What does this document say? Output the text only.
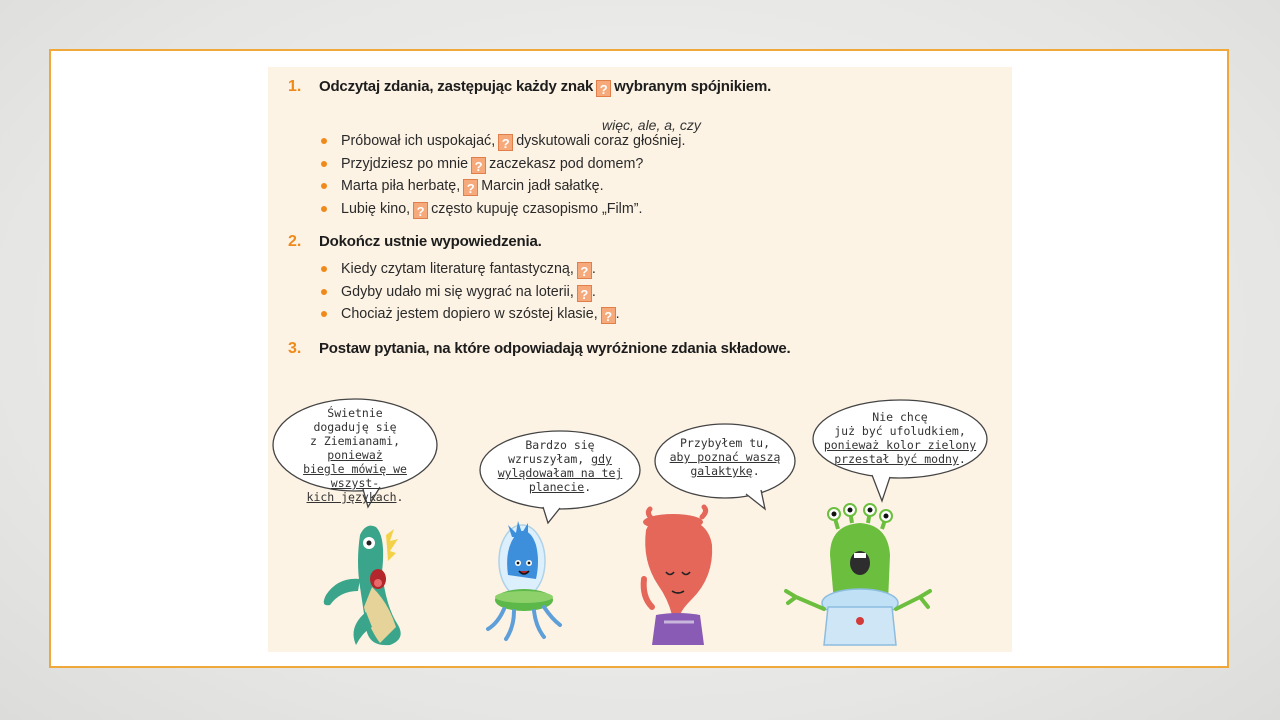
1. Odczytaj zdania, zastępując każdy znak ? wybranym spójnikiem.
więc, ale, a, czy
Próbował ich uspokajać, ? dyskutowali coraz głośniej.
Przyjdziesz po mnie ? zaczekasz pod domem?
Marta piła herbatę, ? Marcin jadł sałatkę.
Lubię kino, ? często kupuję czasopismo „Film”.
2. Dokończ ustnie wypowiedzenia.
Kiedy czytam literaturę fantastyczną, ? .
Gdyby udało mi się wygrać na loterii, ? .
Chociaż jestem dopiero w szóstej klasie, ? .
3. Postaw pytania, na które odpowiadają wyróżnione zdania składowe.
Świetnie
dogaduję się
z Ziemianami, ponieważ
biegle mówię we wszyst-
kich językach.
Bardzo się
wzruszyłam, gdy
wylądowałam na tej
planecie.
Przybyłem tu,
aby poznać waszą
galaktykę.
Nie chcę
już być ufoludkiem,
ponieważ kolor zielony
przestał być modny.
